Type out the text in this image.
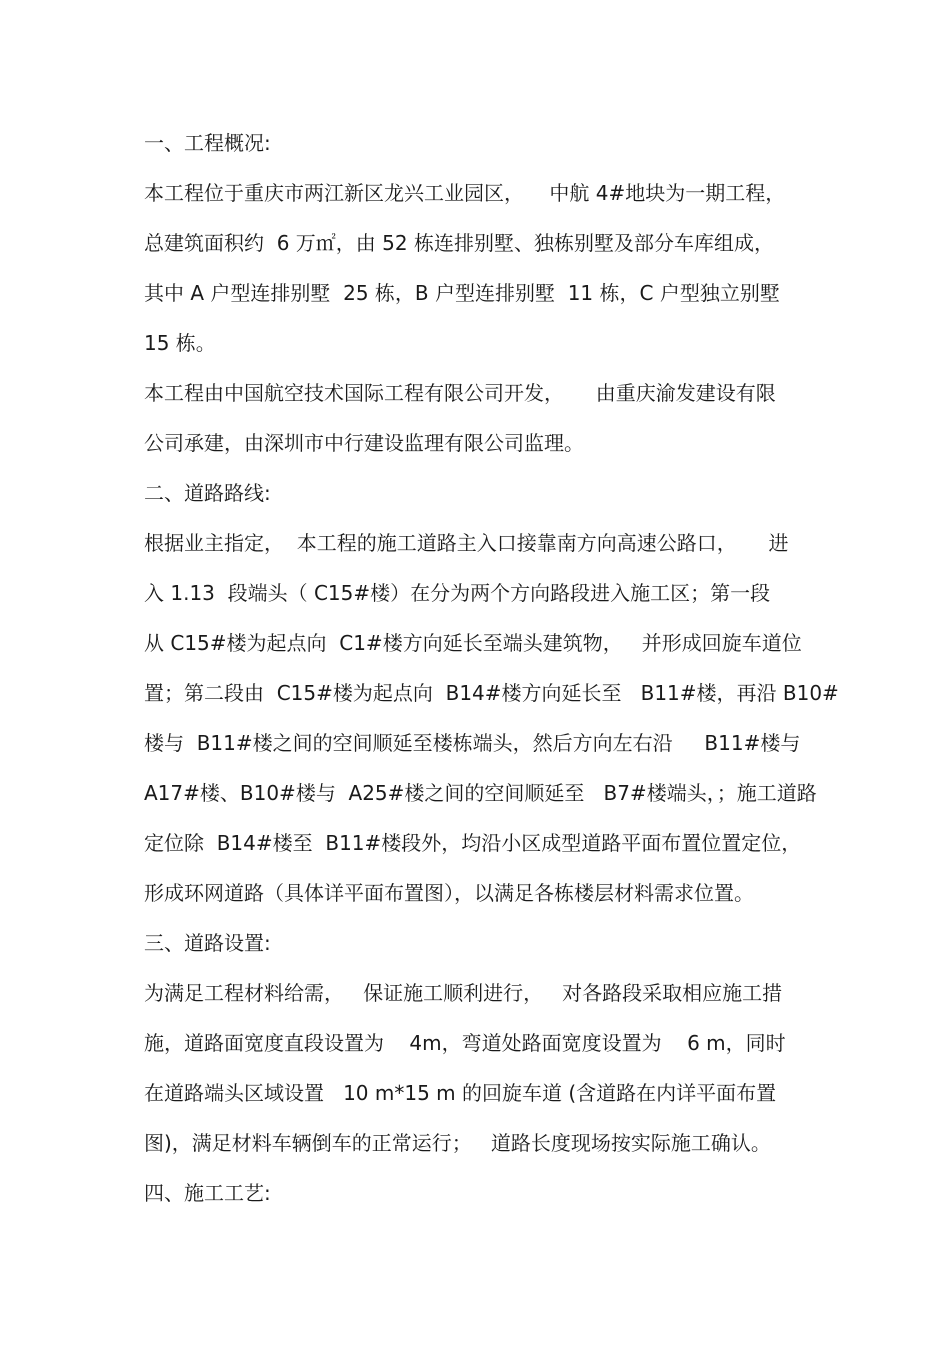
一、工程概况:
本工程位于重庆市两江新区龙兴工业园区，    中航 4#地块为一期工程，
总建筑面积约  6 万㎡，由 52 栋连排别墅、独栋别墅及部分车库组成，
其中 A 户型连排别墅  25 栋，B 户型连排别墅  11 栋，C 户型独立别墅
15 栋。
本工程由中国航空技术国际工程有限公司开发，     由重庆渝发建设有限
公司承建，由深圳市中行建设监理有限公司监理。
二、道路路线:
根据业主指定，  本工程的施工道路主入口接靠南方向高速公路口，     进
入 1.13  段端头（ C15#楼）在分为两个方向路段进入施工区；第一段
从 C15#楼为起点向  C1#楼方向延长至端头建筑物，   并形成回旋车道位
置；第二段由  C15#楼为起点向  B14#楼方向延长至   B11#楼，再沿 B10#
楼与  B11#楼之间的空间顺延至楼栋端头，然后方向左右沿     B11#楼与
A17#楼、B10#楼与  A25#楼之间的空间顺延至   B7#楼端头，；施工道路
定位除  B14#楼至  B11#楼段外，均沿小区成型道路平面布置位置定位，
形成环网道路（具体详平面布置图），以满足各栋楼层材料需求位置。
三、道路设置:
为满足工程材料给需，   保证施工顺利进行，   对各路段采取相应施工措
施，道路面宽度直段设置为    4m，弯道处路面宽度设置为    6 m，同时
在道路端头区域设置   10 m*15 m 的回旋车道 (含道路在内详平面布置
图)，满足材料车辆倒车的正常运行；   道路长度现场按实际施工确认。
四、施工工艺:
